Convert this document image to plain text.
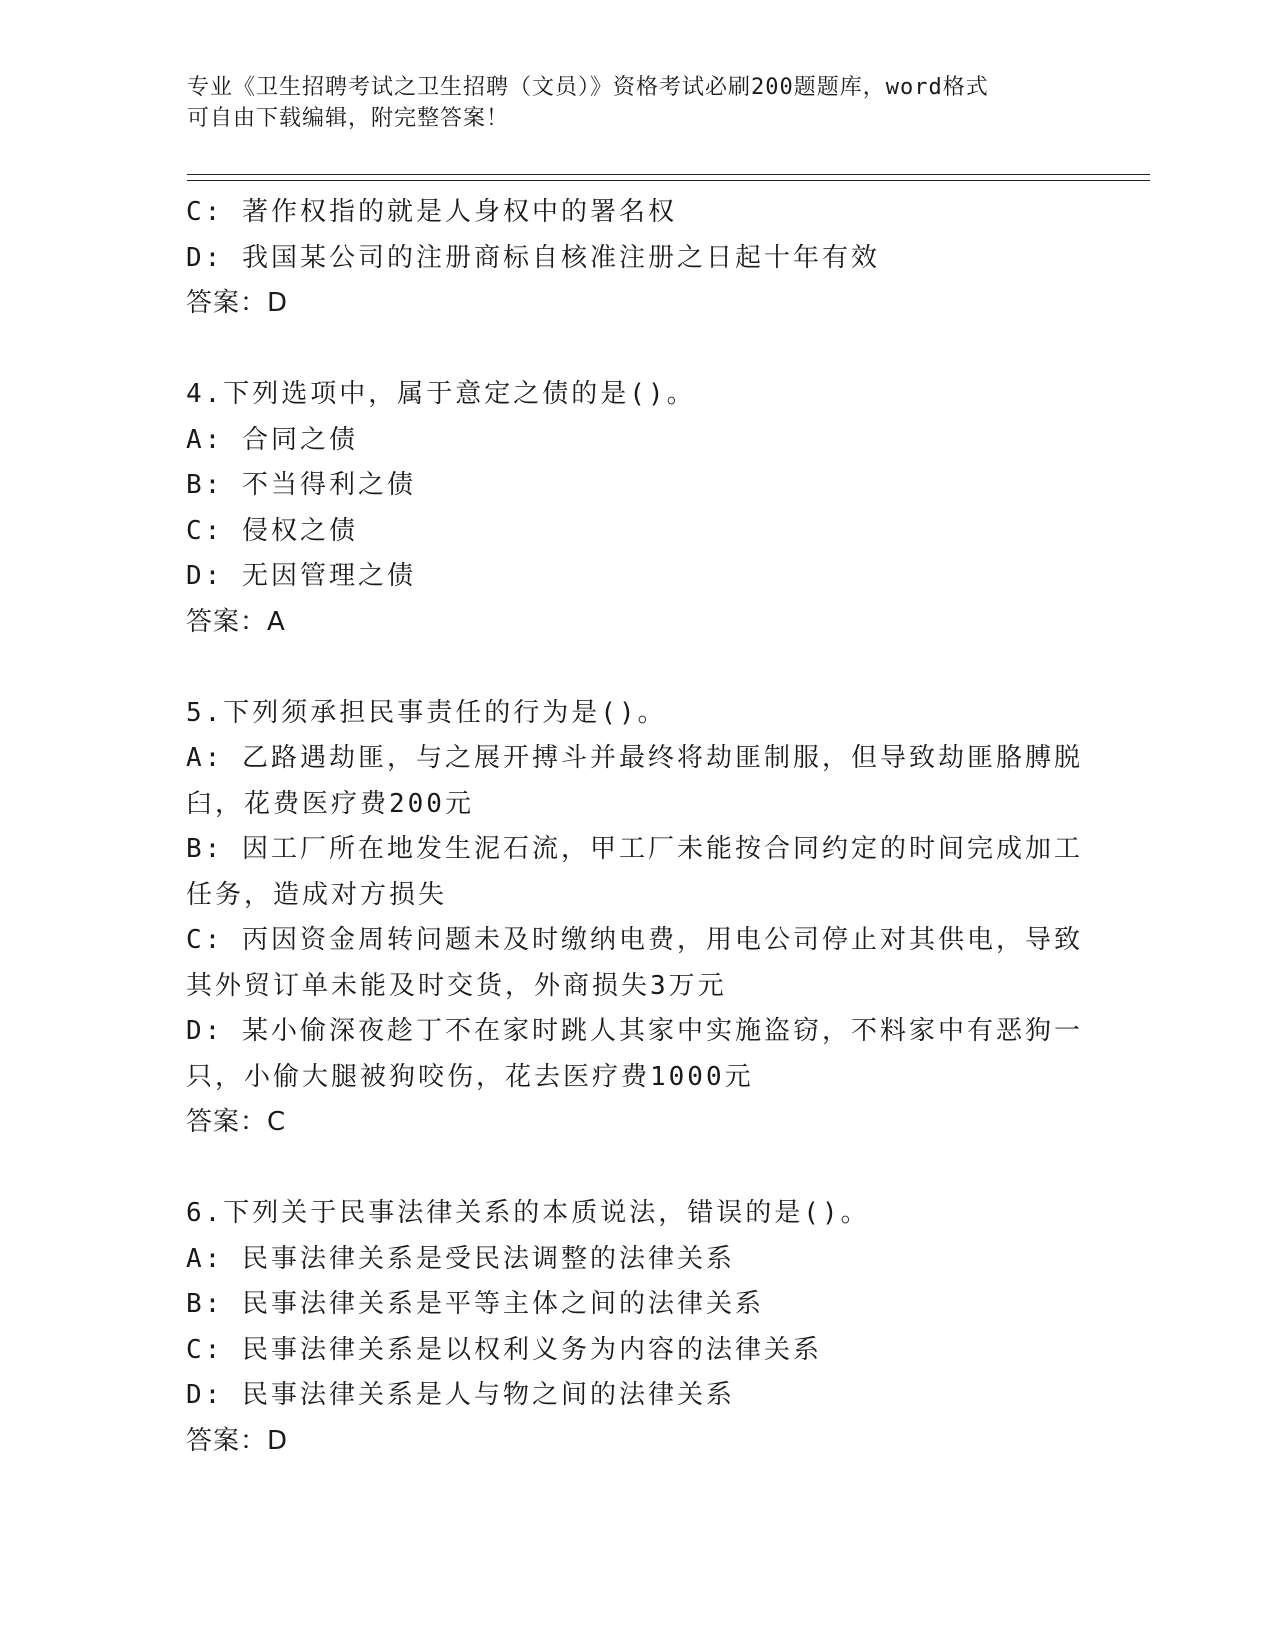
专业《卫生招聘考试之卫生招聘（文员）》资格考试必刷200题题库，word格式
可自由下载编辑，附完整答案！
C: 著作权指的就是人身权中的署名权
D: 我国某公司的注册商标自核准注册之日起十年有效
答案：D
4.下列选项中，属于意定之债的是()。
A: 合同之债
B: 不当得利之债
C: 侵权之债
D: 无因管理之债
答案：A
5.下列须承担民事责任的行为是()。
A: 乙路遇劫匪，与之展开搏斗并最终将劫匪制服，但导致劫匪胳膊脱
臼，花费医疗费200元
B: 因工厂所在地发生泥石流，甲工厂未能按合同约定的时间完成加工
任务，造成对方损失
C: 丙因资金周转问题未及时缴纳电费，用电公司停止对其供电，导致
其外贸订单未能及时交货，外商损失3万元
D: 某小偷深夜趁丁不在家时跳人其家中实施盗窃，不料家中有恶狗一
只，小偷大腿被狗咬伤，花去医疗费1000元
答案：C
6.下列关于民事法律关系的本质说法，错误的是()。
A: 民事法律关系是受民法调整的法律关系
B: 民事法律关系是平等主体之间的法律关系
C: 民事法律关系是以权利义务为内容的法律关系
D: 民事法律关系是人与物之间的法律关系
答案：D
